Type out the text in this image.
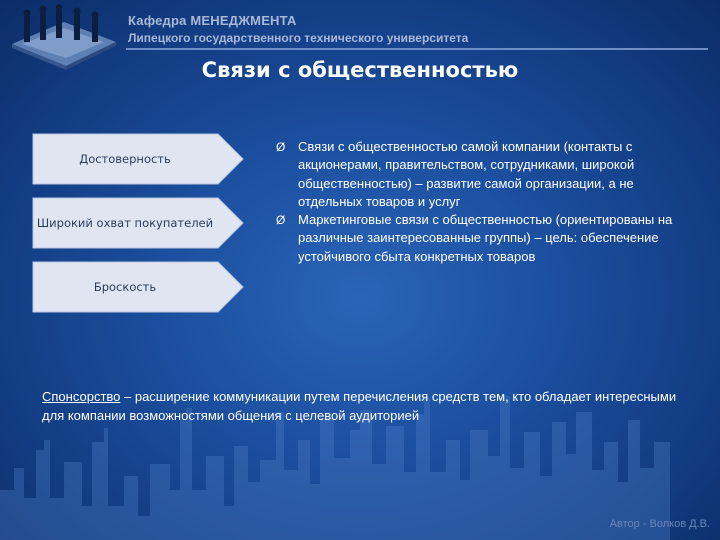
Кафедра МЕНЕДЖМЕНТА
Липецкого государственного технического университета
Связи с общественностью
Достоверность
Широкий охват покупателей
Броскость
Ø Связи с общественностью самой компании (контакты с акционерами, правительством, сотрудниками, широкой общественностью) – развитие самой организации, а не отдельных товаров и услуг
Ø Маркетинговые связи с общественностью (ориентированы на различные заинтересованные группы) – цель: обеспечение устойчивого сбыта конкретных товаров
Спонсорство – расширение коммуникации путем перечисления средств тем, кто обладает интересными для компании возможностями общения с целевой аудиторией
Автор - Волков Д.В.
